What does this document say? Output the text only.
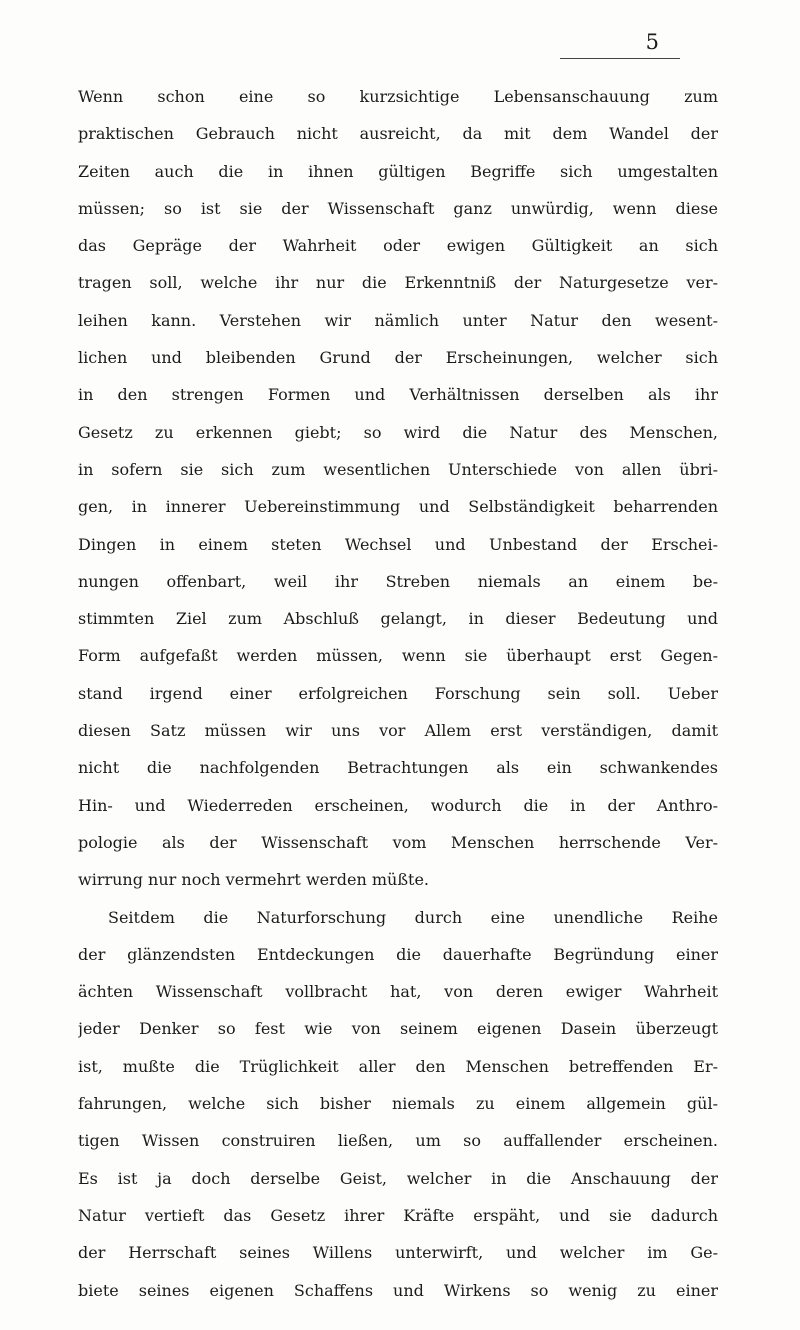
5
Wenn schon eine so kurzsichtige Lebensanschauung zum
praktischen Gebrauch nicht ausreicht, da mit dem Wandel der
Zeiten auch die in ihnen gültigen Begriffe sich umgestalten
müssen; so ist sie der Wissenschaft ganz unwürdig, wenn diese
das Gepräge der Wahrheit oder ewigen Gültigkeit an sich
tragen soll, welche ihr nur die Erkenntniß der Naturgesetze ver-
leihen kann. Verstehen wir nämlich unter Natur den wesent-
lichen und bleibenden Grund der Erscheinungen, welcher sich
in den strengen Formen und Verhältnissen derselben als ihr
Gesetz zu erkennen giebt; so wird die Natur des Menschen,
in sofern sie sich zum wesentlichen Unterschiede von allen übri-
gen, in innerer Uebereinstimmung und Selbständigkeit beharrenden
Dingen in einem steten Wechsel und Unbestand der Erschei-
nungen offenbart, weil ihr Streben niemals an einem be-
stimmten Ziel zum Abschluß gelangt, in dieser Bedeutung und
Form aufgefaßt werden müssen, wenn sie überhaupt erst Gegen-
stand irgend einer erfolgreichen Forschung sein soll. Ueber
diesen Satz müssen wir uns vor Allem erst verständigen, damit
nicht die nachfolgenden Betrachtungen als ein schwankendes
Hin- und Wiederreden erscheinen, wodurch die in der Anthro-
pologie als der Wissenschaft vom Menschen herrschende Ver-
wirrung nur noch vermehrt werden müßte.
Seitdem die Naturforschung durch eine unendliche Reihe
der glänzendsten Entdeckungen die dauerhafte Begründung einer
ächten Wissenschaft vollbracht hat, von deren ewiger Wahrheit
jeder Denker so fest wie von seinem eigenen Dasein überzeugt
ist, mußte die Trüglichkeit aller den Menschen betreffenden Er-
fahrungen, welche sich bisher niemals zu einem allgemein gül-
tigen Wissen construiren ließen, um so auffallender erscheinen.
Es ist ja doch derselbe Geist, welcher in die Anschauung der
Natur vertieft das Gesetz ihrer Kräfte erspäht, und sie dadurch
der Herrschaft seines Willens unterwirft, und welcher im Ge-
biete seines eigenen Schaffens und Wirkens so wenig zu einer
